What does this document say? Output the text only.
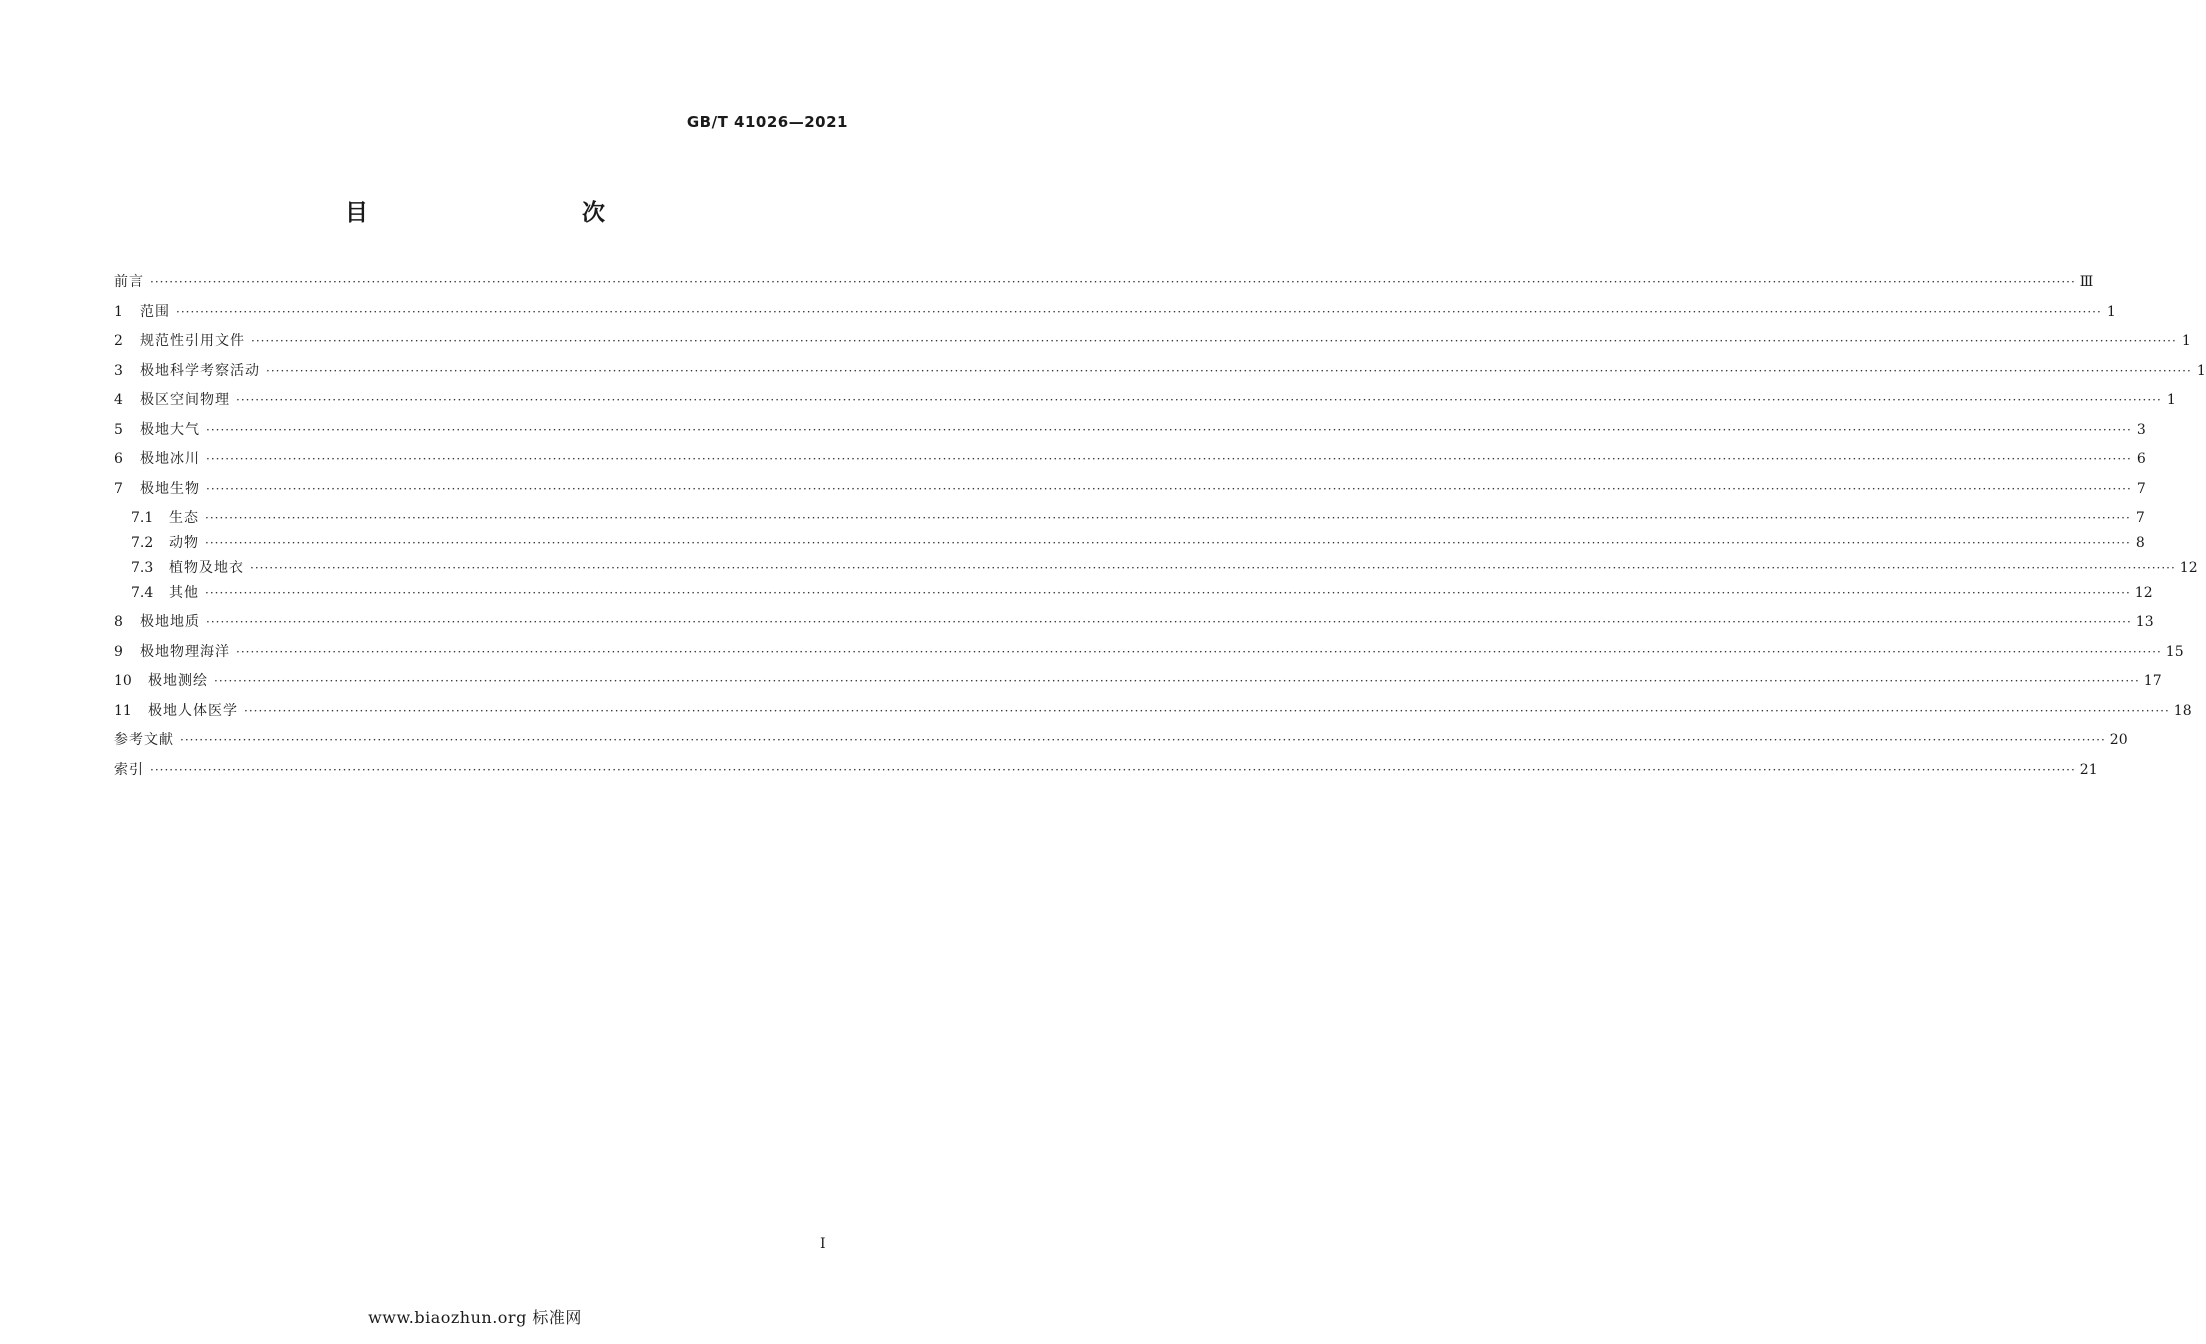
GB/T 41026—2021
目　　次
前言 ················································································································································································································································································································································································································ Ⅲ
1	范围 ················································································································································································································································································································································································································ 1
2	规范性引用文件 ················································································································································································································································································································································································································ 1
3	极地科学考察活动 ················································································································································································································································································································································································································ 1
4	极区空间物理 ················································································································································································································································································································································································································ 1
5	极地大气 ················································································································································································································································································································································································································ 3
6	极地冰川 ················································································································································································································································································································································································································ 6
7	极地生物 ················································································································································································································································································································································································································ 7
7.1	生态 ················································································································································································································································································································································································································ 7
7.2	动物 ················································································································································································································································································································································································································ 8
7.3	植物及地衣 ················································································································································································································································································································································································································ 12
7.4	其他 ················································································································································································································································································································································································································ 12
8	极地地质 ················································································································································································································································································································································································································ 13
9	极地物理海洋 ················································································································································································································································································································································································································ 15
10	极地测绘 ················································································································································································································································································································································································································ 17
11	极地人体医学 ················································································································································································································································································································································································································ 18
参考文献 ················································································································································································································································································································································································································ 20
索引 ················································································································································································································································································································································································································ 21
I
www.biaozhun.org 标准网
